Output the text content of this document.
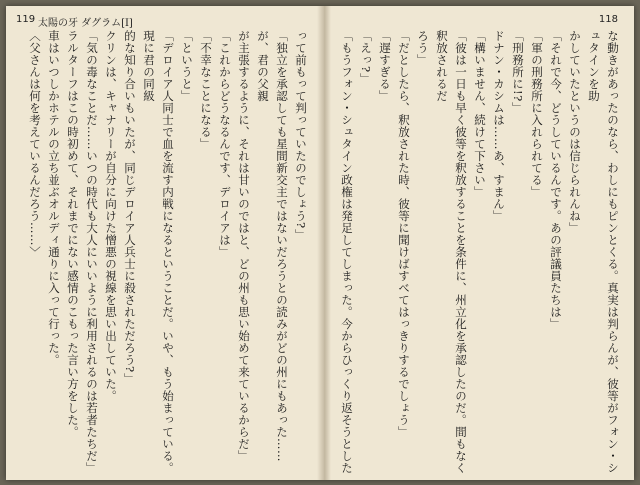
119 太陽の牙 ダグラム[I]	118

な動きがあったのなら、わしにもピンとくる。真実は判らんが、彼等がフォン・シュタインを助

かしていたというのは信じられんね」

「それで今、どうしているんです。あの評議員たちは」

「軍の刑務所に入れられてる」

「刑務所に!?」

ドナン・カシムは……あ、すまん」

「構いません、続けて下さい」

「彼は一日も早く彼等を釈放することを条件に、州立化を承認したのだ。間もなく釈放されるだ

ろう」

「だとしたら、釈放された時、彼等に聞けばすべてはっきりするでしょう」

「遅すぎる」

「えっ?」

「もうフォン・シュタイン政権は発足してしまった。今からひっくり返そうとした

って前もって判っていたのでしょう?」

「独立を承認しても星間新交主ではないだろうとの読みがどの州にもあった……が、君の父親

が主張するように、それは甘いのではと、どの州も思い始めて来ているからだ」

「これからどうなるんです、デロイアは」

「不幸なことになる」

「というと」

「デロイア人同士で血を流す内戦になるということだ。いや、もう始まっている。現に君の同級

的な知り合いもいたが、同じデロイア人兵士に殺されただろう?」

クリンは、キャナリーが自分に向けた憎悪の視線を思い出していた。

「気の毒なことだ……いつの時代も大人にいいように利用されるのは若者たちだ」

ラルターフはこの時初めて、それまでにない感情のこもった言い方をした。

車はいつしかホテルの立ち並ぶオルディ通りに入って行った。

〈父さんは何を考えているんだろう……〉
